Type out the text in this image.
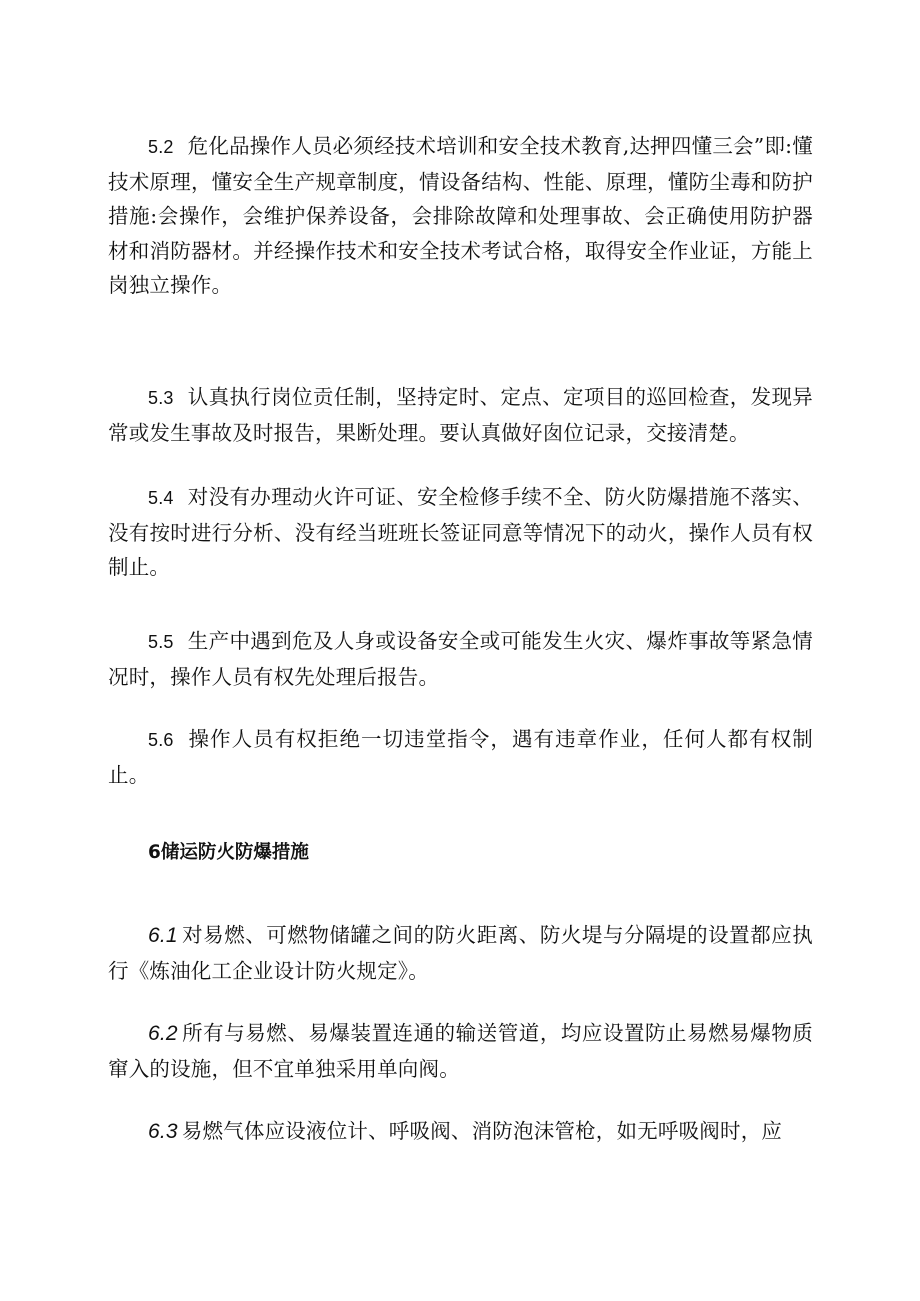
5.2 危化品操作人员必须经技术培训和安全技术教育,达押四懂三会”即:懂技术原理，懂安全生产规章制度，情设备结构、性能、原理，懂防尘毒和防护措施:会操作，会维护保养设备，会排除故障和处理事故、会正确使用防护器材和消防器材。并经操作技术和安全技术考试合格，取得安全作业证，方能上岗独立操作。

5.3 认真执行岗位贡任制，坚持定时、定点、定项目的巡回检查，发现异常或发生事故及时报告，果断处理。要认真做好囱位记录，交接清楚。

5.4 对没有办理动火许可证、安全检修手续不全、防火防爆措施不落实、没有按时进行分析、没有经当班班长签证同意等情况下的动火，操作人员有权制止。

5.5 生产中遇到危及人身或设备安全或可能发生火灾、爆炸事故等紧急情况时，操作人员有权先处理后报告。

5.6 操作人员有权拒绝一切违堂指令，遇有违章作业，任何人都有权制止。

6储运防火防爆措施

6.1 对易燃、可燃物储罐之间的防火距离、防火堤与分隔堤的设置都应执行《炼油化工企业设计防火规定》。

6.2 所有与易燃、易爆装置连通的输送管道，均应设置防止易燃易爆物质窜入的设施，但不宜单独采用单向阀。

6.3 易燃气体应设液位计、呼吸阀、消防泡沫管枪，如无呼吸阀时，应
